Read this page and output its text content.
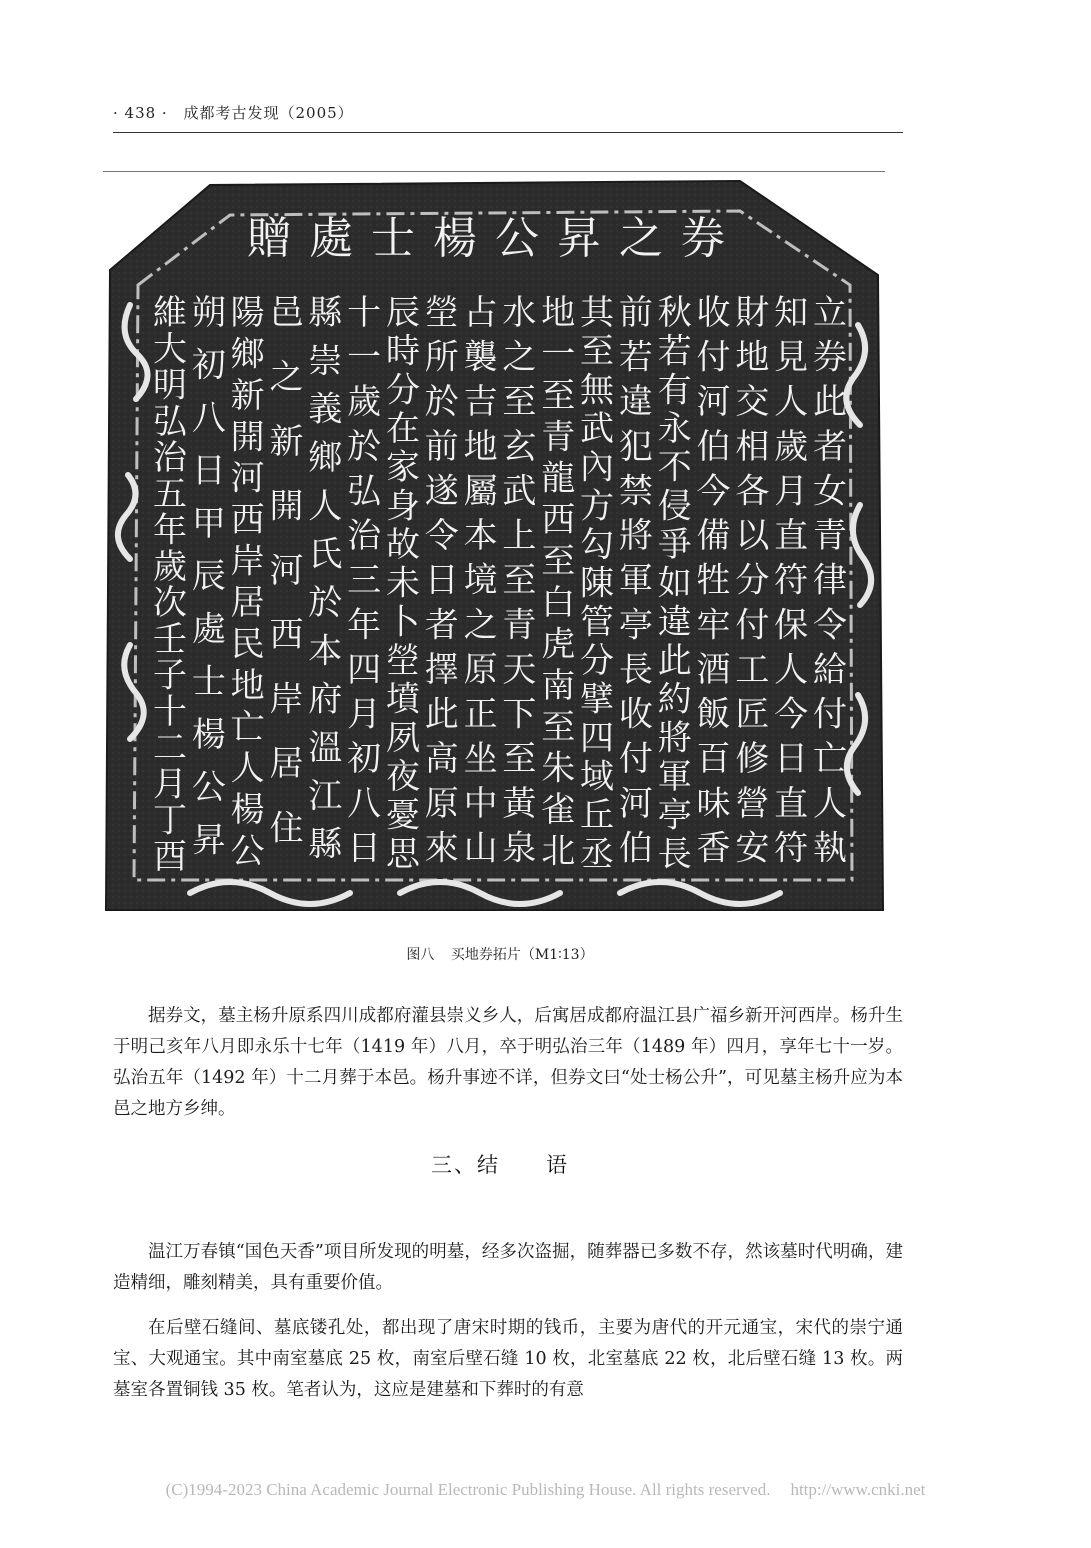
· 438 · 成都考古发现（2005）
贈處士楊公昇之券
立券此者女青律令給付亡人執
知見人歲月直符保人今日直符
財地交相各以分付工匠修營安
收付河伯今備牲牢酒飯百味香
秋若有永不侵爭如違此約將軍亭長
前若違犯禁將軍亭長收付河伯
其至無武內方勾陳管分擘四域丘丞
地一至青龍西至白虎南至朱雀北
水之至玄武上至青天下至黃泉
占襲吉地屬本境之原正坐中山
塋所於前遂令日者擇此高原來
辰時分在家身故未卜塋墳夙夜憂思
十一歲於弘治三年四月初八日
縣崇義鄉人氏於本府溫江縣
邑之新開河西岸居住
陽鄉新開河西岸居民地亡人楊公
朔初八日甲辰處士楊公昇
維大明弘治五年歲次壬子十二月丁酉
图八 买地券拓片（M1∶13）

据券文，墓主杨升原系四川成都府灌县崇义乡人，后寓居成都府温江县广福乡新开河西岸。杨升生于明己亥年八月即永乐十七年（1419 年）八月，卒于明弘治三年（1489 年）四月，享年七十一岁。弘治五年（1492 年）十二月葬于本邑。杨升事迹不详，但券文曰“处士杨公升”，可见墓主杨升应为本邑之地方乡绅。

三、结　　语

温江万春镇“国色天香”项目所发现的明墓，经多次盗掘，随葬器已多数不存，然该墓时代明确，建造精细，雕刻精美，具有重要价值。

在后壁石缝间、墓底镂孔处，都出现了唐宋时期的钱币，主要为唐代的开元通宝，宋代的崇宁通宝、大观通宝。其中南室墓底 25 枚，南室后壁石缝 10 枚，北室墓底 22 枚，北后壁石缝 13 枚。两墓室各置铜钱 35 枚。笔者认为，这应是建墓和下葬时的有意

(C)1994-2023 China Academic Journal Electronic Publishing House. All rights reserved. http://www.cnki.net
